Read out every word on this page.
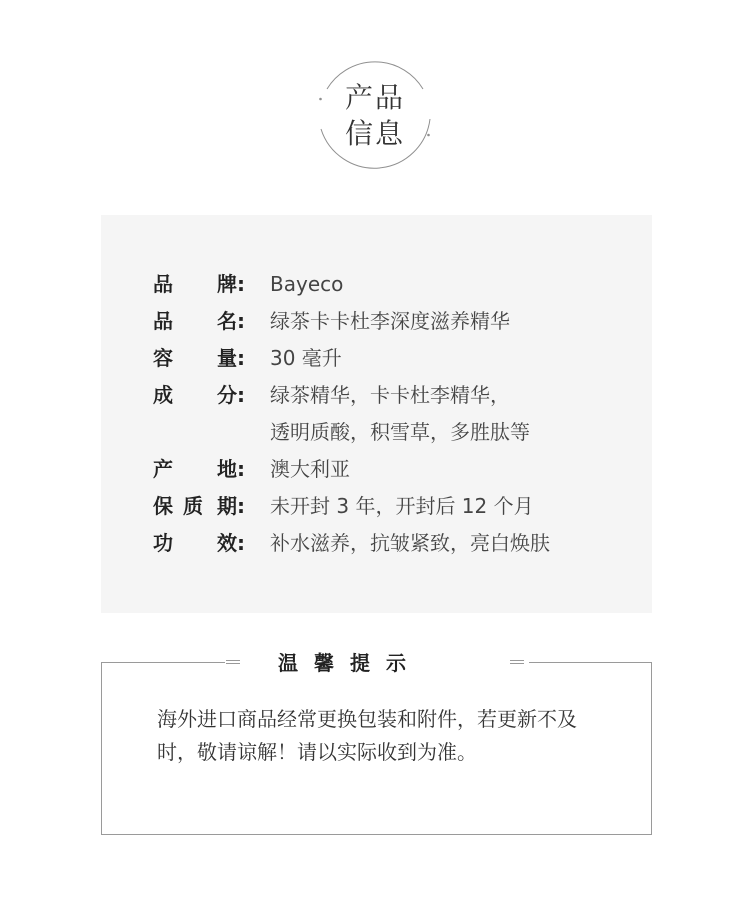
产品
信息
品 牌: Bayeco
品 名: 绿茶卡卡杜李深度滋养精华
容 量: 30 毫升
成 分: 绿茶精华，卡卡杜李精华，
透明质酸，积雪草，多胜肽等
产 地: 澳大利亚
保 质 期: 未开封 3 年，开封后 12 个月
功 效: 补水滋养，抗皱紧致，亮白焕肤
海外进口商品经常更换包装和附件，若更新不及时，敬请谅解！请以实际收到为准。
温馨提示
